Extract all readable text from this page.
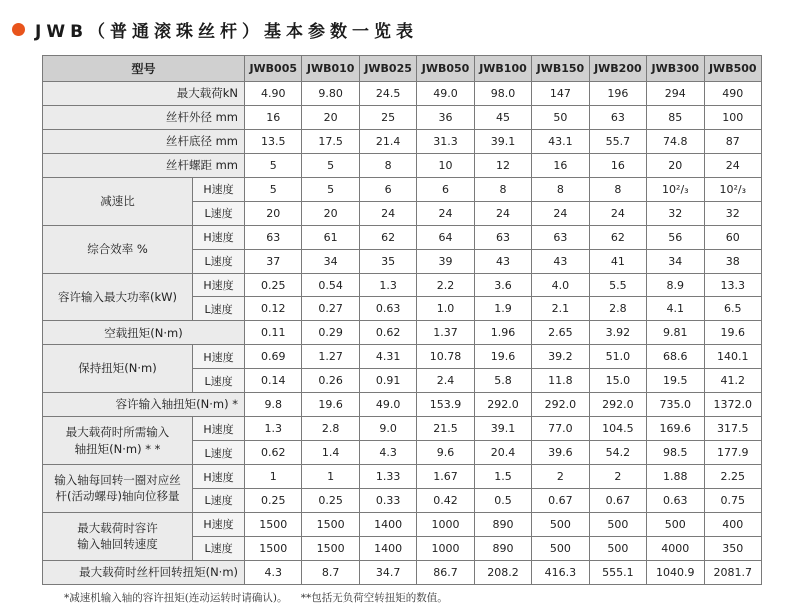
JWB（普通滚珠丝杆）基本参数一览表
型号		JWB005	JWB010	JWB025	JWB050	JWB100	JWB150	JWB200	JWB300	JWB500
最大载荷kN		4.90	9.80	24.5	49.0	98.0	147	196	294	490
丝杆外径 mm		16	20	25	36	45	50	63	85	100
丝杆底径 mm		13.5	17.5	21.4	31.3	39.1	43.1	55.7	74.8	87
丝杆螺距 mm		5	5	8	10	12	16	16	20	24
减速比	H速度	5	5	6	6	8	8	8	10²/₃	10²/₃
	L速度	20	20	24	24	24	24	24	32	32
综合效率 %	H速度	63	61	62	64	63	63	62	56	60
	L速度	37	34	35	39	43	43	41	34	38
容许输入最大功率(kW)	H速度	0.25	0.54	1.3	2.2	3.6	4.0	5.5	8.9	13.3
	L速度	0.12	0.27	0.63	1.0	1.9	2.1	2.8	4.1	6.5
空载扭矩(N·m)		0.11	0.29	0.62	1.37	1.96	2.65	3.92	9.81	19.6
保持扭矩(N·m)	H速度	0.69	1.27	4.31	10.78	19.6	39.2	51.0	68.6	140.1
	L速度	0.14	0.26	0.91	2.4	5.8	11.8	15.0	19.5	41.2
容许输入轴扭矩(N·m) *		9.8	19.6	49.0	153.9	292.0	292.0	292.0	735.0	1372.0

最大载荷时所需输入
轴扭矩(N·m) * *	H速度	1.3	2.8	9.0	21.5	39.1	77.0	104.5	169.6	317.5
	L速度	0.62	1.4	4.3	9.6	20.4	39.6	54.2	98.5	177.9

输入轴每回转一圈对应丝
杆(活动螺母)轴向位移量	H速度	1	1	1.33	1.67	1.5	2	2	1.88	2.25
	L速度	0.25	0.25	0.33	0.42	0.5	0.67	0.67	0.63	0.75

最大载荷时容许
输入轴回转速度	H速度	1500	1500	1400	1000	890	500	500	500	400
	L速度	1500	1500	1400	1000	890	500	500	4000	350
最大载荷时丝杆回转扭矩(N·m)		4.3	8.7	34.7	86.7	208.2	416.3	555.1	1040.9	2081.7
*减速机输入轴的容许扭矩(连动运转时请确认)。    **包括无负荷空转扭矩的数值。
